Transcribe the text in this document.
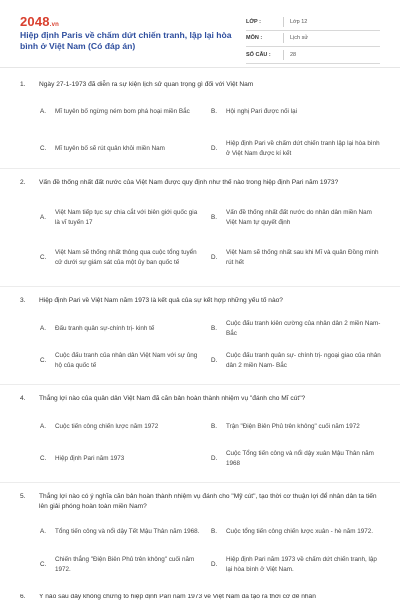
2048.vn
Hiệp định Paris về chấm dứt chiến tranh, lập lại hòa bình ở Việt Nam (Có đáp án)
LỚP :	Lớp 12
MÔN :	Lịch sử
SỐ CÂU :	28
1. Ngày 27-1-1973 đã diễn ra sự kiện lịch sử quan trọng gì đối với Việt Nam
A.	Mĩ tuyên bố ngừng ném bom phá hoại miền Bắc	B.	Hội nghị Pari được nối lại
C.	Mĩ tuyên bố sẽ rút quân khỏi miền Nam	D.
Hiệp định Pari về chấm dứt chiến tranh lập lại hòa bình ở Việt Nam được kí kết
2. Vấn đề thống nhất đất nước của Việt Nam được quy định như thế nào trong hiệp định Pari năm 1973?
A.
Việt Nam tiếp tục sự chia cắt với biên giới quốc gia là vĩ tuyến 17
B.
Vấn đề thống nhất đất nước do nhân dân miền Nam Việt Nam tự quyết định
C.
Việt Nam sẽ thống nhất thông qua cuộc tổng tuyển cử dưới sự giám sát của một ủy ban quốc tế
D.
Việt Nam sẽ thống nhất sau khi Mĩ và quân Đồng minh rút hết
3. Hiệp định Pari về Việt Nam năm 1973 là kết quả của sự kết hợp những yếu tố nào?
A.	Đấu tranh quân sự-chính trị- kinh tế	B.
Cuộc đấu tranh kiên cường của nhân dân 2 miền Nam- Bắc
C.
Cuộc đấu tranh của nhân dân Việt Nam với sự ủng hộ của quốc tế
D.
Cuộc đấu tranh quân sự- chính trị- ngoại giao của nhân dân 2 miền Nam- Bắc
4. Thắng lợi nào của quân dân Việt Nam đã căn bản hoàn thành nhiệm vụ "đánh cho Mĩ cút"?
A.	Cuộc tiến công chiến lược năm 1972	B.	Trận "Điện Biên Phủ trên không" cuối năm 1972
C.	Hiệp định Pari năm 1973	D.
Cuộc Tổng tiến công và nổi dậy xuân Mậu Thân năm 1968
5. Thắng lợi nào có ý nghĩa căn bản hoàn thành nhiệm vụ đánh cho "Mỹ cút", tạo thời cơ thuận lợi để nhân dân ta tiến lên giải phóng hoàn toàn miền Nam?
A.	Tổng tiến công và nổi dậy Tết Mậu Thân năm 1968. B.	Cuộc tổng tiến công chiến lược xuân - hè năm 1972.
C.
Chiến thắng "Điện Biên Phủ trên không" cuối năm 1972.
D.
Hiệp định Pari năm 1973 về chấm dứt chiến tranh, lập lại hòa bình ở Việt Nam.
6. Ý nào sau đây không chứng tỏ hiệp định Pari năm 1973 về Việt Nam đã tạo ra thời cơ để nhân
